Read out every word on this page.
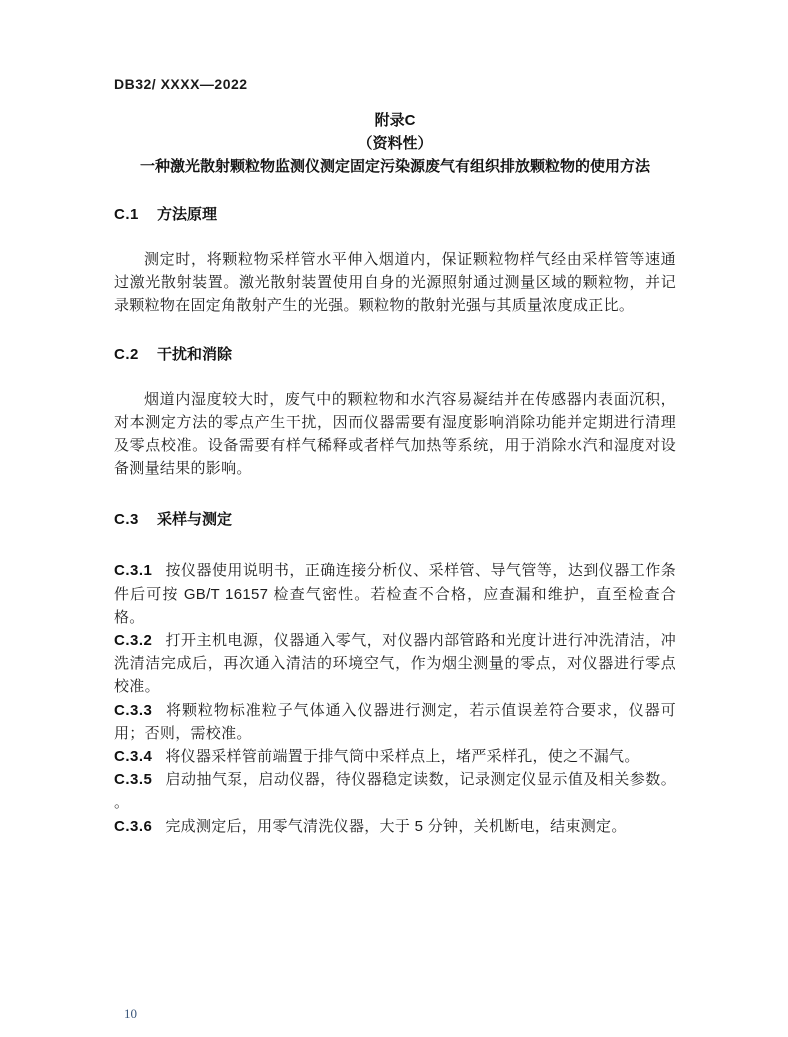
DB32/ XXXX—2022
附录C
（资料性）
一种激光散射颗粒物监测仪测定固定污染源废气有组织排放颗粒物的使用方法
C.1 方法原理

测定时，将颗粒物采样管水平伸入烟道内，保证颗粒物样气经由采样管等速通过激光散射装置。激光散射装置使用自身的光源照射通过测量区域的颗粒物，并记录颗粒物在固定角散射产生的光强。颗粒物的散射光强与其质量浓度成正比。

C.2 干扰和消除

烟道内湿度较大时，废气中的颗粒物和水汽容易凝结并在传感器内表面沉积，对本测定方法的零点产生干扰，因而仪器需要有湿度影响消除功能并定期进行清理及零点校准。设备需要有样气稀释或者样气加热等系统，用于消除水汽和湿度对设备测量结果的影响。

C.3 采样与测定

C.3.1 按仪器使用说明书，正确连接分析仪、采样管、导气管等，达到仪器工作条件后可按 GB/T 16157 检查气密性。若检查不合格，应查漏和维护，直至检查合格。

C.3.2 打开主机电源，仪器通入零气，对仪器内部管路和光度计进行冲洗清洁，冲洗清洁完成后，再次通入清洁的环境空气，作为烟尘测量的零点，对仪器进行零点校准。

C.3.3 将颗粒物标准粒子气体通入仪器进行测定，若示值误差符合要求，仪器可用；否则，需校准。

C.3.4 将仪器采样管前端置于排气筒中采样点上，堵严采样孔，使之不漏气。

C.3.5 启动抽气泵，启动仪器，待仪器稳定读数，记录测定仪显示值及相关参数。 。

C.3.6 完成测定后，用零气清洗仪器，大于 5 分钟，关机断电，结束测定。

10
